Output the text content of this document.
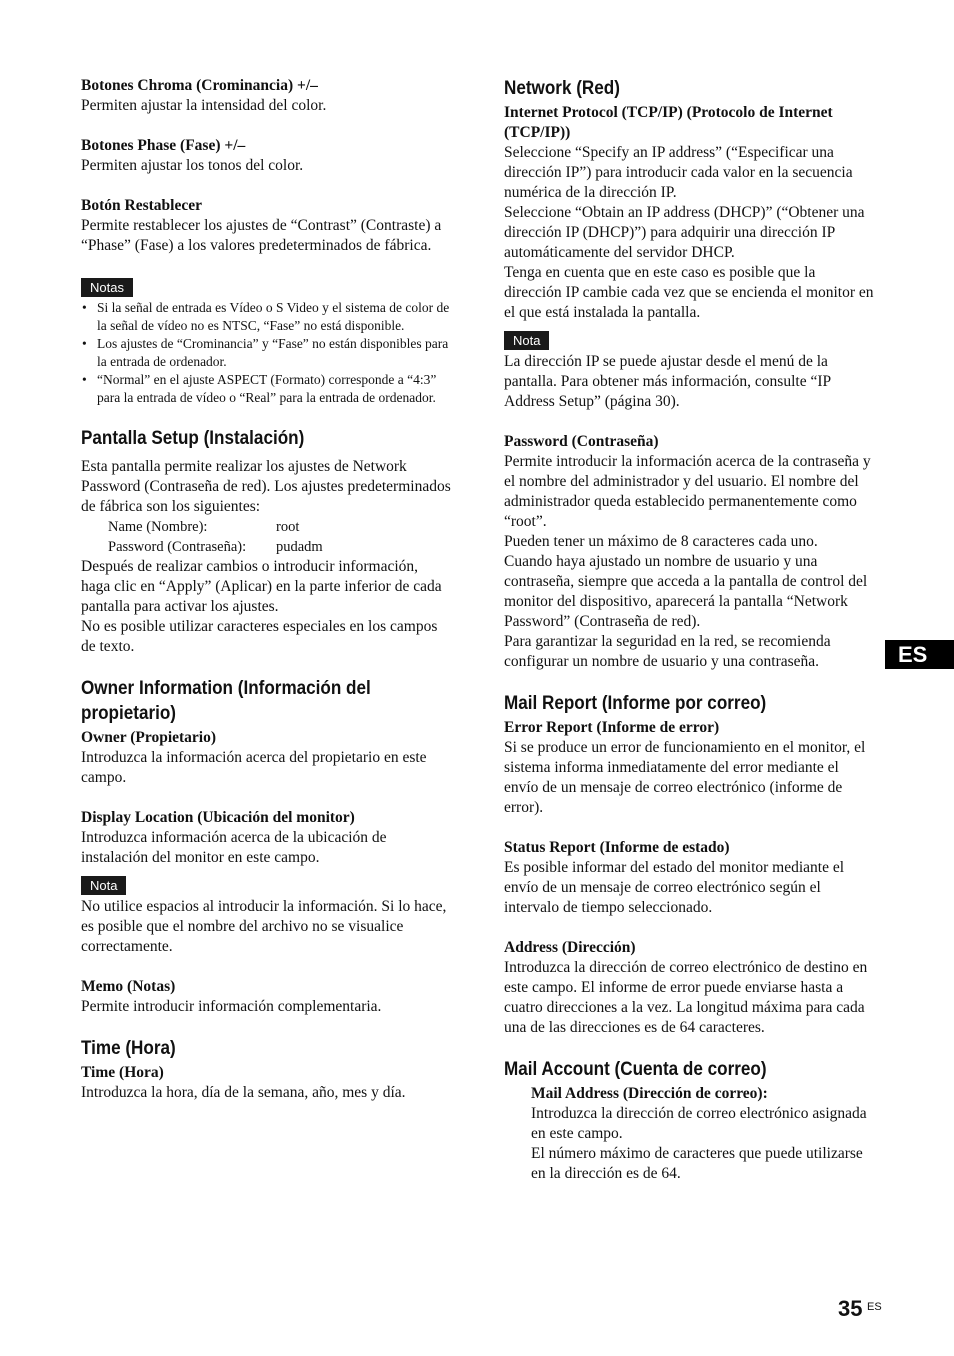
Botones Chroma (Crominancia) +/–

Permiten ajustar la intensidad del color.

Botones Phase (Fase) +/–

Permiten ajustar los tonos del color.

Botón Restablecer

Permite restablecer los ajustes de “Contrast” (Contraste) a “Phase” (Fase) a los valores predeterminados de fábrica.

Notas
• Si la señal de entrada es Vídeo o S Video y el sistema de color de la señal de vídeo no es NTSC, “Fase” no está disponible.
• Los ajustes de “Crominancia” y “Fase” no están disponibles para la entrada de ordenador.
• “Normal” en el ajuste ASPECT (Formato) corresponde a “4:3” para la entrada de vídeo o “Real” para la entrada de ordenador.
Pantalla Setup (Instalación)

Esta pantalla permite realizar los ajustes de Network Password (Contraseña de red). Los ajustes predeterminados de fábrica son los siguientes:

Name (Nombre):	root
Password (Contraseña):	pudadm

Después de realizar cambios o introducir información, haga clic en “Apply” (Aplicar) en la parte inferior de cada pantalla para activar los ajustes.

No es posible utilizar caracteres especiales en los campos de texto.

Owner Information (Información del propietario)

Owner (Propietario)

Introduzca la información acerca del propietario en este campo.

Display Location (Ubicación del monitor)

Introduzca información acerca de la ubicación de instalación del monitor en este campo.

Nota

No utilice espacios al introducir la información. Si lo hace, es posible que el nombre del archivo no se visualice correctamente.

Memo (Notas)

Permite introducir información complementaria.

Time (Hora)

Time (Hora)

Introduzca la hora, día de la semana, año, mes y día.

Network (Red)

Internet Protocol (TCP/IP) (Protocolo de Internet (TCP/IP))

Seleccione “Specify an IP address” (“Especificar una dirección IP”) para introducir cada valor en la secuencia numérica de la dirección IP.

Seleccione “Obtain an IP address (DHCP)” (“Obtener una dirección IP (DHCP)”) para adquirir una dirección IP automáticamente del servidor DHCP.

Tenga en cuenta que en este caso es posible que la dirección IP cambie cada vez que se encienda el monitor en el que está instalada la pantalla.

Nota

La dirección IP se puede ajustar desde el menú de la pantalla. Para obtener más información, consulte “IP Address Setup” (página 30).

Password (Contraseña)

Permite introducir la información acerca de la contraseña y el nombre del administrador y del usuario. El nombre del administrador queda establecido permanentemente como “root”.

Pueden tener un máximo de 8 caracteres cada uno.

Cuando haya ajustado un nombre de usuario y una contraseña, siempre que acceda a la pantalla de control del monitor del dispositivo, aparecerá la pantalla “Network Password” (Contraseña de red).

Para garantizar la seguridad en la red, se recomienda configurar un nombre de usuario y una contraseña.

Mail Report (Informe por correo)

Error Report (Informe de error)

Si se produce un error de funcionamiento en el monitor, el sistema informa inmediatamente del error mediante el envío de un mensaje de correo electrónico (informe de error).

Status Report (Informe de estado)

Es posible informar del estado del monitor mediante el envío de un mensaje de correo electrónico según el intervalo de tiempo seleccionado.

Address (Dirección)

Introduzca la dirección de correo electrónico de destino en este campo. El informe de error puede enviarse hasta a cuatro direcciones a la vez. La longitud máxima para cada una de las direcciones es de 64 caracteres.

Mail Account (Cuenta de correo)

Mail Address (Dirección de correo):

Introduzca la dirección de correo electrónico asignada en este campo.

El número máximo de caracteres que puede utilizarse en la dirección es de 64.

ES
35 ES
